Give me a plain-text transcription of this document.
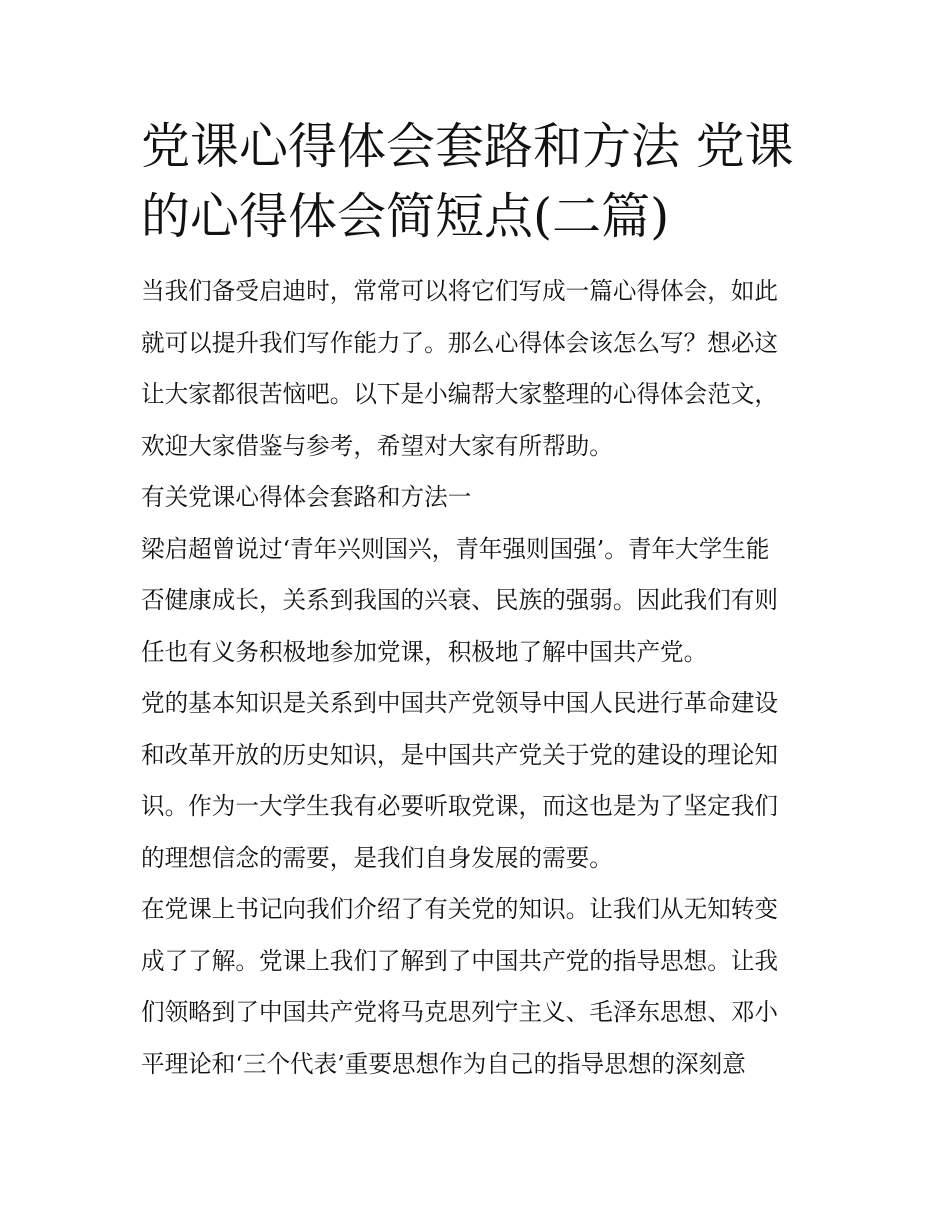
党课心得体会套路和方法 党课
的心得体会简短点(二篇)
当我们备受启迪时，常常可以将它们写成一篇心得体会，如此
就可以提升我们写作能力了。那么心得体会该怎么写？想必这
让大家都很苦恼吧。以下是小编帮大家整理的心得体会范文，
欢迎大家借鉴与参考，希望对大家有所帮助。
有关党课心得体会套路和方法一
梁启超曾说过‘青年兴则国兴，青年强则国强’。青年大学生能
否健康成长，关系到我国的兴衰、民族的强弱。因此我们有则
任也有义务积极地参加党课，积极地了解中国共产党。
党的基本知识是关系到中国共产党领导中国人民进行革命建设
和改革开放的历史知识，是中国共产党关于党的建设的理论知
识。作为一大学生我有必要听取党课，而这也是为了坚定我们
的理想信念的需要，是我们自身发展的需要。
在党课上书记向我们介绍了有关党的知识。让我们从无知转变
成了了解。党课上我们了解到了中国共产党的指导思想。让我
们领略到了中国共产党将马克思列宁主义、毛泽东思想、邓小
平理论和‘三个代表’重要思想作为自己的指导思想的深刻意
